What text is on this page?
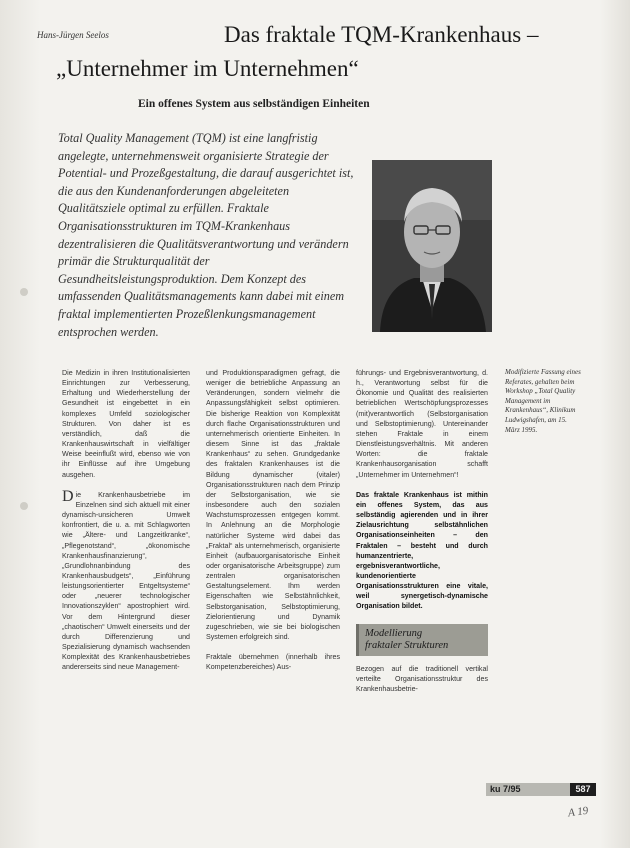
Hans-Jürgen Seelos	Das fraktale TQM-Krankenhaus –
„Unternehmer im Unternehmen“
Ein offenes System aus selbständigen Einheiten

Total Quality Management (TQM) ist eine langfristig angelegte, unternehmensweit organisierte Strategie der Potential- und Prozeßgestaltung, die darauf ausgerichtet ist, die aus den Kundenanforderungen abgeleiteten Qualitätsziele optimal zu erfüllen. Fraktale Organisationsstrukturen im TQM-Krankenhaus dezentralisieren die Qualitätsverantwortung und verändern primär die Strukturqualität der Gesundheitsleistungsproduktion. Dem Konzept des umfassenden Qualitätsmanagements kann dabei mit einem fraktal implementierten Prozeßlenkungsmanagement entsprochen werden.

Modifizierte Fassung eines Referates, gehalten beim Workshop „Total Quality Management im Krankenhaus“, Klinikum Ludwigshafen, am 15. März 1995.

Die Medizin in ihren Institutionalisierten Einrichtungen zur Verbesserung, Erhaltung und Wiederherstellung der Gesundheit ist eingebettet in ein komplexes Umfeld soziologischer Strukturen. Von daher ist es verständlich, daß die Krankenhauswirtschaft in vielfältiger Weise beeinflußt wird, ebenso wie von ihr Einflüsse auf ihre Umgebung ausgehen.

Die Krankenhausbetriebe im Einzelnen sind sich aktuell mit einer dynamisch-unsicheren Umwelt konfrontiert, die u. a. mit Schlagworten wie „Ältere- und Langzeitkranke“, „Pflegenotstand“, „ökonomische Krankenhausfinanzierung“, „Grundlohnanbindung des Krankenhausbudgets“, „Einführung leistungsorientierter Entgeltsysteme“ oder „neuerer technologischer Innovationszyklen“ apostrophiert wird. Vor dem Hintergrund dieser „chaotischen“ Umwelt einerseits und der durch Differenzierung und Spezialisierung dynamisch wachsenden Komplexität des Krankenhausbetriebes andererseits sind neue Management-

und Produktionsparadigmen gefragt, die weniger die betriebliche Anpassung an Veränderungen, sondern vielmehr die Anpassungsfähigkeit selbst optimieren. Die bisherige Reaktion von Komplexität durch flache Organisationsstrukturen und unternehmerisch orientierte Einheiten. In diesem Sinne ist das „fraktale Krankenhaus“ zu sehen. Grundgedanke des fraktalen Krankenhauses ist die Bildung dynamischer (vitaler) Organisationsstrukturen nach dem Prinzip der Selbstorganisation, wie sie insbesondere auch den sozialen Wachstumsprozessen entgegen kommt. In Anlehnung an die Morphologie natürlicher Systeme wird dabei das „Fraktal“ als unternehmerisch, organisierte Einheit (aufbauorganisatorische Einheit oder organisatorische Arbeitsgruppe) zum zentralen organisatorischen Gestaltungselement. Ihm werden Eigenschaften wie Selbstähnlichkeit, Selbstorganisation, Selbstoptimierung, Zielorientierung und Dynamik zugeschrieben, wie sie bei biologischen Systemen erfolgreich sind.

Fraktale übernehmen (innerhalb ihres Kompetenzbereiches) Aus-

führungs- und Ergebnisverantwortung, d. h., Verantwortung selbst für die Ökonomie und Qualität des realisierten betrieblichen Wertschöpfungsprozesses (mit)verantwortlich (Selbstorganisation und Selbstoptimierung). Untereinander stehen Fraktale in einem Dienstleistungsverhältnis. Mit anderen Worten: die fraktale Krankenhausorganisation schafft „Unternehmer im Unternehmen“!

Das fraktale Krankenhaus ist mithin ein offenes System, das aus selbständig agierenden und in ihrer Zielausrichtung selbstähnlichen Organisationseinheiten – den Fraktalen – besteht und durch humanzentrierte, ergebnisverantwortliche, kundenorientierte Organisationsstrukturen eine vitale, weil synergetisch-dynamische Organisation bildet.

Modellierung
fraktaler Strukturen

Bezogen auf die traditionell vertikal verteilte Organisationsstruktur des Krankenhausbetrie-

ku 7/95	587
A 19
